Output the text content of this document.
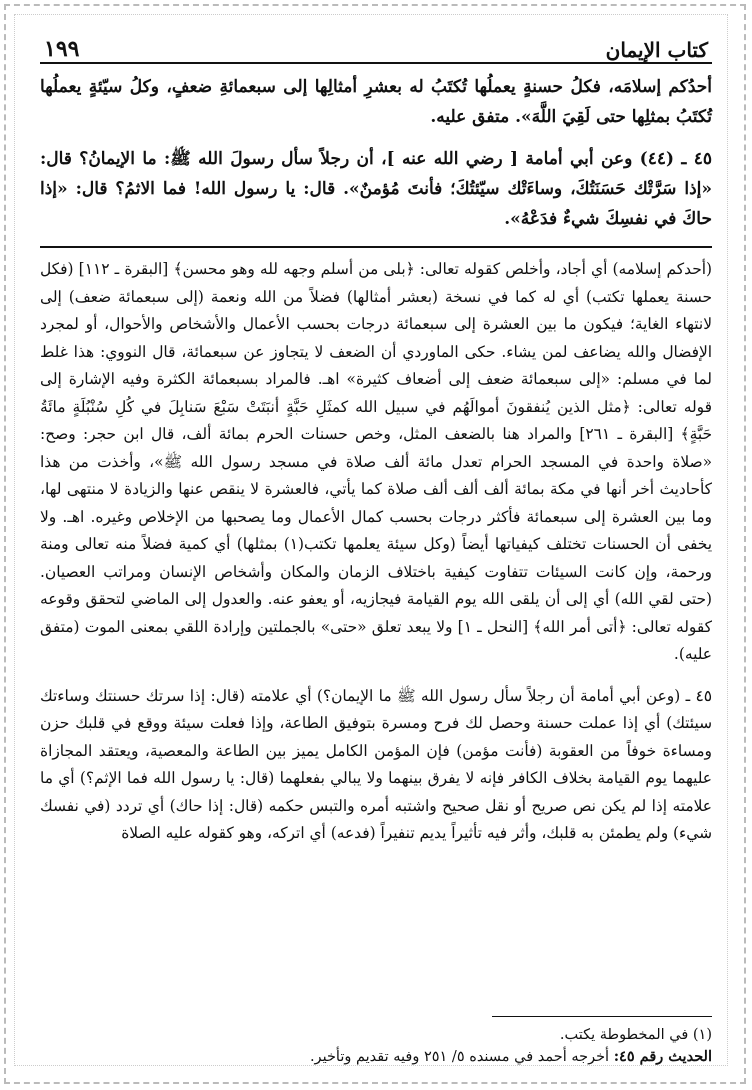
كتاب الإيمان
١٩٩

أحدُكم إسلامَه، فكلُ حسنةٍ يعملُها تُكتَبُ له بعشرِ أمثالِها إلى سبعمائةِ ضعفٍ، وكلُ سيّئةٍ يعملُها تُكتَبُ بمثلِها حتى لَقِيَ اللَّهَ». متفق عليه.

٤٥ ـ (٤٤) وعن أبي أمامة [ رضي الله عنه ]، أن رجلاً سأل رسولَ الله ﷺ: ما الإيمانُ؟ قال: «إذا سَرَّتْك حَسَنَتُكَ، وساءَتْك سيّئتُكَ؛ فأنتَ مُؤمنٌ». قال: يا رسول الله! فما الاثمُ؟ قال: «إذا حاكَ في نفسِكَ شيءٌ فدَعْهُ».

(أحدكم إسلامه) أي أجاد، وأخلص كقوله تعالى: ﴿بلى من أسلم وجهه لله وهو محسن﴾ [البقرة ـ ١١٢] (فكل حسنة يعملها تكتب) أي له كما في نسخة (بعشر أمثالها) فضلاً من الله ونعمة (إلى سبعمائة ضعف) إلى لانتهاء الغاية؛ فيكون ما بين العشرة إلى سبعمائة درجات بحسب الأعمال والأشخاص والأحوال، أو لمجرد الإفضال والله يضاعف لمن يشاء. حكى الماوردي أن الضعف لا يتجاوز عن سبعمائة، قال النووي: هذا غلط لما في مسلم: «إلى سبعمائة ضعف إلى أضعاف كثيرة» اهـ. فالمراد بسبعمائة الكثرة وفيه الإشارة إلى قوله تعالى: ﴿مثل الذين يُنفقونَ أموالَهُم في سبيل الله كمثَلِ حَبَّةٍ أنبَتَتْ سَبْعَ سَنابِلَ في كُلِ سُنْبُلَةٍ مائَةُ حَبَّةٍ﴾ [البقرة ـ ٢٦١] والمراد هنا بالضعف المثل، وخص حسنات الحرم بمائة ألف، قال ابن حجر: وصح: «صلاة واحدة في المسجد الحرام تعدل مائة ألف صلاة في مسجد رسول الله ﷺ»، وأخذت من هذا كأحاديث أخر أنها في مكة بمائة ألف ألف ألف صلاة كما يأتي، فالعشرة لا ينقص عنها والزيادة لا منتهى لها، وما بين العشرة إلى سبعمائة فأكثر درجات بحسب كمال الأعمال وما يصحبها من الإخلاص وغيره. اهـ. ولا يخفى أن الحسنات تختلف كيفياتها أيضاً (وكل سيئة يعلمها تكتب(١) بمثلها) أي كمية فضلاً منه تعالى ومنة ورحمة، وإن كانت السيئات تتفاوت كيفية باختلاف الزمان والمكان وأشخاص الإنسان ومراتب العصيان. (حتى لقي الله) أي إلى أن يلقى الله يوم القيامة فيجازيه، أو يعفو عنه. والعدول إلى الماضي لتحقق وقوعه كقوله تعالى: ﴿أتى أمر الله﴾ [النحل ـ ١] ولا يبعد تعلق «حتى» بالجملتين وإرادة اللقي بمعنى الموت (متفق عليه).

٤٥ ـ (وعن أبي أمامة أن رجلاً سأل رسول الله ﷺ ما الإيمان؟) أي علامته (قال: إذا سرتك حسنتك وساءتك سيئتك) أي إذا عملت حسنة وحصل لك فرح ومسرة بتوفيق الطاعة، وإذا فعلت سيئة ووقع في قلبك حزن ومساءة خوفاً من العقوبة (فأنت مؤمن) فإن المؤمن الكامل يميز بين الطاعة والمعصية، ويعتقد المجازاة عليهما يوم القيامة بخلاف الكافر فإنه لا يفرق بينهما ولا يبالي بفعلهما (قال: يا رسول الله فما الإثم؟) أي ما علامته إذا لم يكن نص صريح أو نقل صحيح واشتبه أمره والتبس حكمه (قال: إذا حاك) أي تردد (في نفسك شيء) ولم يطمئن به قلبك، وأثر فيه تأثيراً يديم تنفيراً (فدعه) أي اتركه، وهو كقوله عليه الصلاة

(١) في المخطوطة يكتب.

الحديث رقم ٤٥: أخرجه أحمد في مسنده ٥/ ٢٥١ وفيه تقديم وتأخير.
